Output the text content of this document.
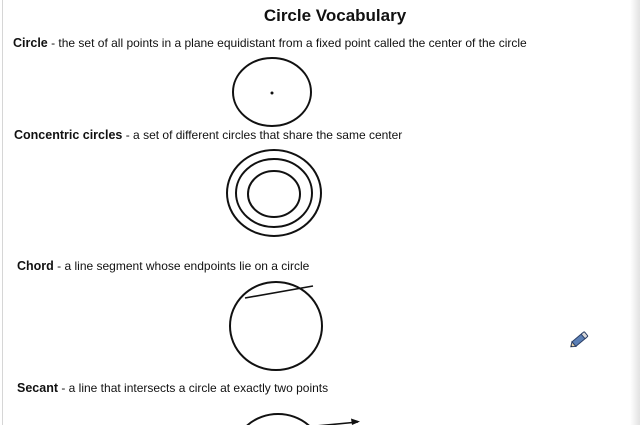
Circle Vocabulary
Circle - the set of all points in a plane equidistant from a fixed point called the center of the circle
Concentric circles - a set of different circles that share the same center
Chord - a line segment whose endpoints lie on a circle
Secant - a line that intersects a circle at exactly two points
